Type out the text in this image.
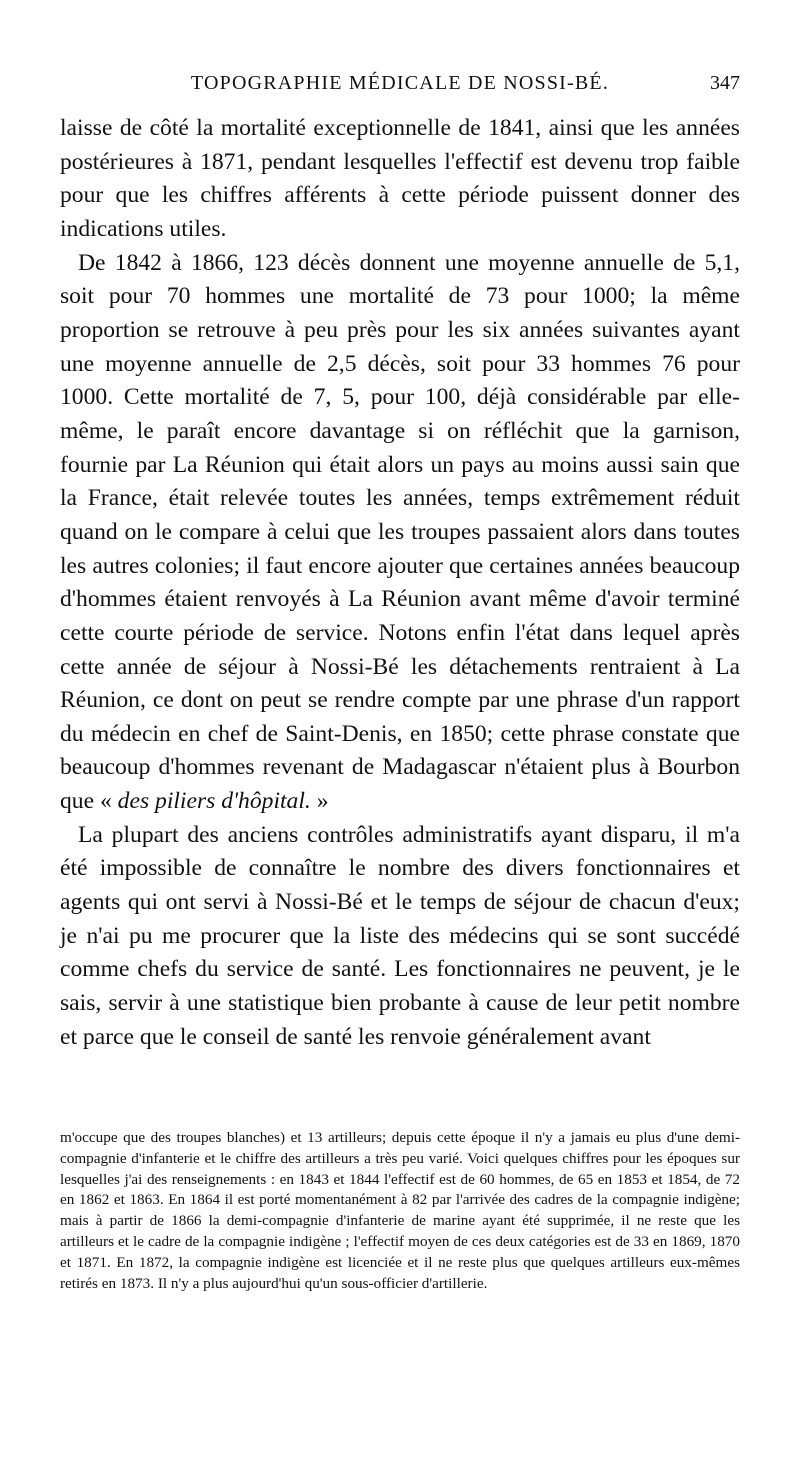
TOPOGRAPHIE MÉDICALE DE NOSSI-BÉ.	347

laisse de côté la mortalité exceptionnelle de 1841, ainsi que les années postérieures à 1871, pendant lesquelles l'effectif est devenu trop faible pour que les chiffres afférents à cette période puissent donner des indications utiles.

De 1842 à 1866, 123 décès donnent une moyenne annuelle de 5,1, soit pour 70 hommes une mortalité de 73 pour 1000; la même proportion se retrouve à peu près pour les six années suivantes ayant une moyenne annuelle de 2,5 décès, soit pour 33 hommes 76 pour 1000. Cette mortalité de 7, 5, pour 100, déjà considérable par elle-même, le paraît encore davantage si on réfléchit que la garnison, fournie par La Réunion qui était alors un pays au moins aussi sain que la France, était relevée toutes les années, temps extrêmement réduit quand on le compare à celui que les troupes passaient alors dans toutes les autres colonies; il faut encore ajouter que certaines années beaucoup d'hommes étaient renvoyés à La Réunion avant même d'avoir terminé cette courte période de service. Notons enfin l'état dans lequel après cette année de séjour à Nossi-Bé les détachements rentraient à La Réunion, ce dont on peut se rendre compte par une phrase d'un rapport du médecin en chef de Saint-Denis, en 1850; cette phrase constate que beaucoup d'hommes revenant de Madagascar n'étaient plus à Bourbon que « des piliers d'hôpital. »

La plupart des anciens contrôles administratifs ayant disparu, il m'a été impossible de connaître le nombre des divers fonctionnaires et agents qui ont servi à Nossi-Bé et le temps de séjour de chacun d'eux; je n'ai pu me procurer que la liste des médecins qui se sont succédé comme chefs du service de santé. Les fonctionnaires ne peuvent, je le sais, servir à une statistique bien probante à cause de leur petit nombre et parce que le conseil de santé les renvoie généralement avant

m'occupe que des troupes blanches) et 13 artilleurs; depuis cette époque il n'y a jamais eu plus d'une demi-compagnie d'infanterie et le chiffre des artilleurs a très peu varié. Voici quelques chiffres pour les époques sur lesquelles j'ai des renseignements : en 1843 et 1844 l'effectif est de 60 hommes, de 65 en 1853 et 1854, de 72 en 1862 et 1863. En 1864 il est porté momentanément à 82 par l'arrivée des cadres de la compagnie indigène; mais à partir de 1866 la demi-compagnie d'infanterie de marine ayant été supprimée, il ne reste que les artilleurs et le cadre de la compagnie indigène ; l'effectif moyen de ces deux catégories est de 33 en 1869, 1870 et 1871. En 1872, la compagnie indigène est licenciée et il ne reste plus que quelques artilleurs eux-mêmes retirés en 1873. Il n'y a plus aujourd'hui qu'un sous-officier d'artillerie.
